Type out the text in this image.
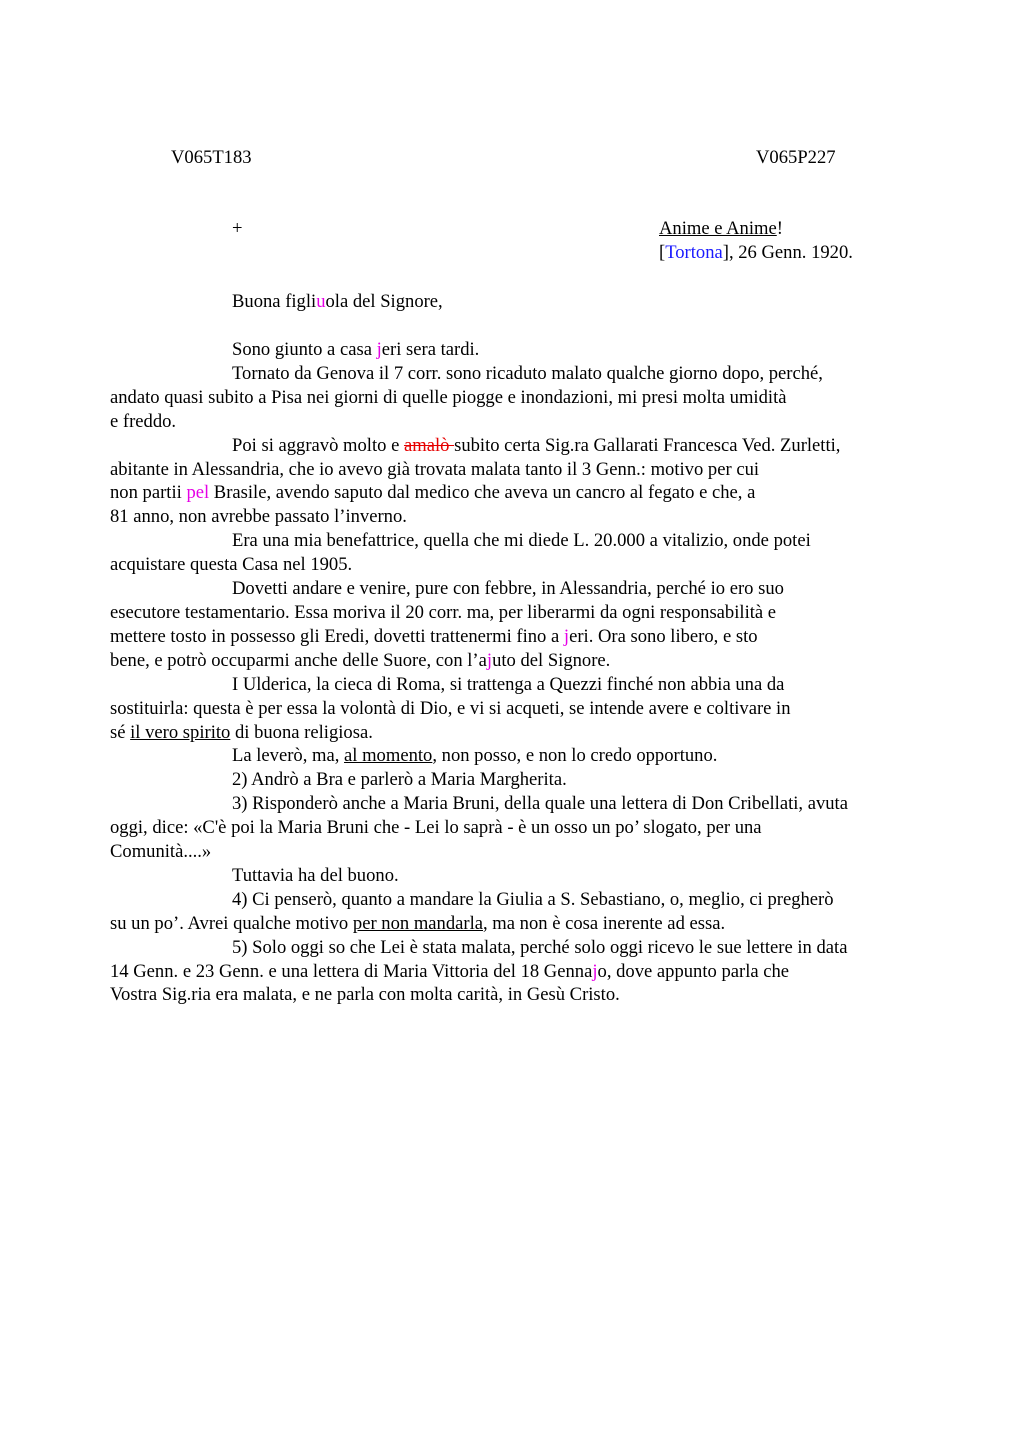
V065T183	V065P227
+	Anime e Anime!
[Tortona], 26 Genn. 1920.
Buona figliuola del Signore,

Sono giunto a casa jeri sera tardi.

Tornato da Genova il 7 corr. sono ricaduto malato qualche giorno dopo, perché,
andato quasi subito a Pisa nei giorni di quelle piogge e inondazioni, mi presi molta umidità
e freddo.

Poi si aggravò molto e amalò subito certa Sig.ra Gallarati Francesca Ved. Zurletti,
abitante in Alessandria, che io avevo già trovata malata tanto il 3 Genn.: motivo per cui
non partii pel Brasile, avendo saputo dal medico che aveva un cancro al fegato e che, a
81 anno, non avrebbe passato l’inverno.

Era una mia benefattrice, quella che mi diede L. 20.000 a vitalizio, onde potei
acquistare questa Casa nel 1905.

Dovetti andare e venire, pure con febbre, in Alessandria, perché io ero suo
esecutore testamentario. Essa moriva il 20 corr. ma, per liberarmi da ogni responsabilità e
mettere tosto in possesso gli Eredi, dovetti trattenermi fino a jeri. Ora sono libero, e sto
bene, e potrò occuparmi anche delle Suore, con l’ajuto del Signore.

I Ulderica, la cieca di Roma, si trattenga a Quezzi finché non abbia una da
sostituirla: questa è per essa la volontà di Dio, e vi si acqueti, se intende avere e coltivare in
sé il vero spirito di buona religiosa.

La leverò, ma, al momento, non posso, e non lo credo opportuno.

2) Andrò a Bra e parlerò a Maria Margherita.

3) Risponderò anche a Maria Bruni, della quale una lettera di Don Cribellati, avuta
oggi, dice: «C'è poi la Maria Bruni che - Lei lo saprà - è un osso un po’ slogato, per una
Comunità....»

Tuttavia ha del buono.

4) Ci penserò, quanto a mandare la Giulia a S. Sebastiano, o, meglio, ci pregherò
su un po’. Avrei qualche motivo per non mandarla, ma non è cosa inerente ad essa.

5) Solo oggi so che Lei è stata malata, perché solo oggi ricevo le sue lettere in data
14 Genn. e 23 Genn. e una lettera di Maria Vittoria del 18 Gennajo, dove appunto parla che
Vostra Sig.ria era malata, e ne parla con molta carità, in Gesù Cristo.
